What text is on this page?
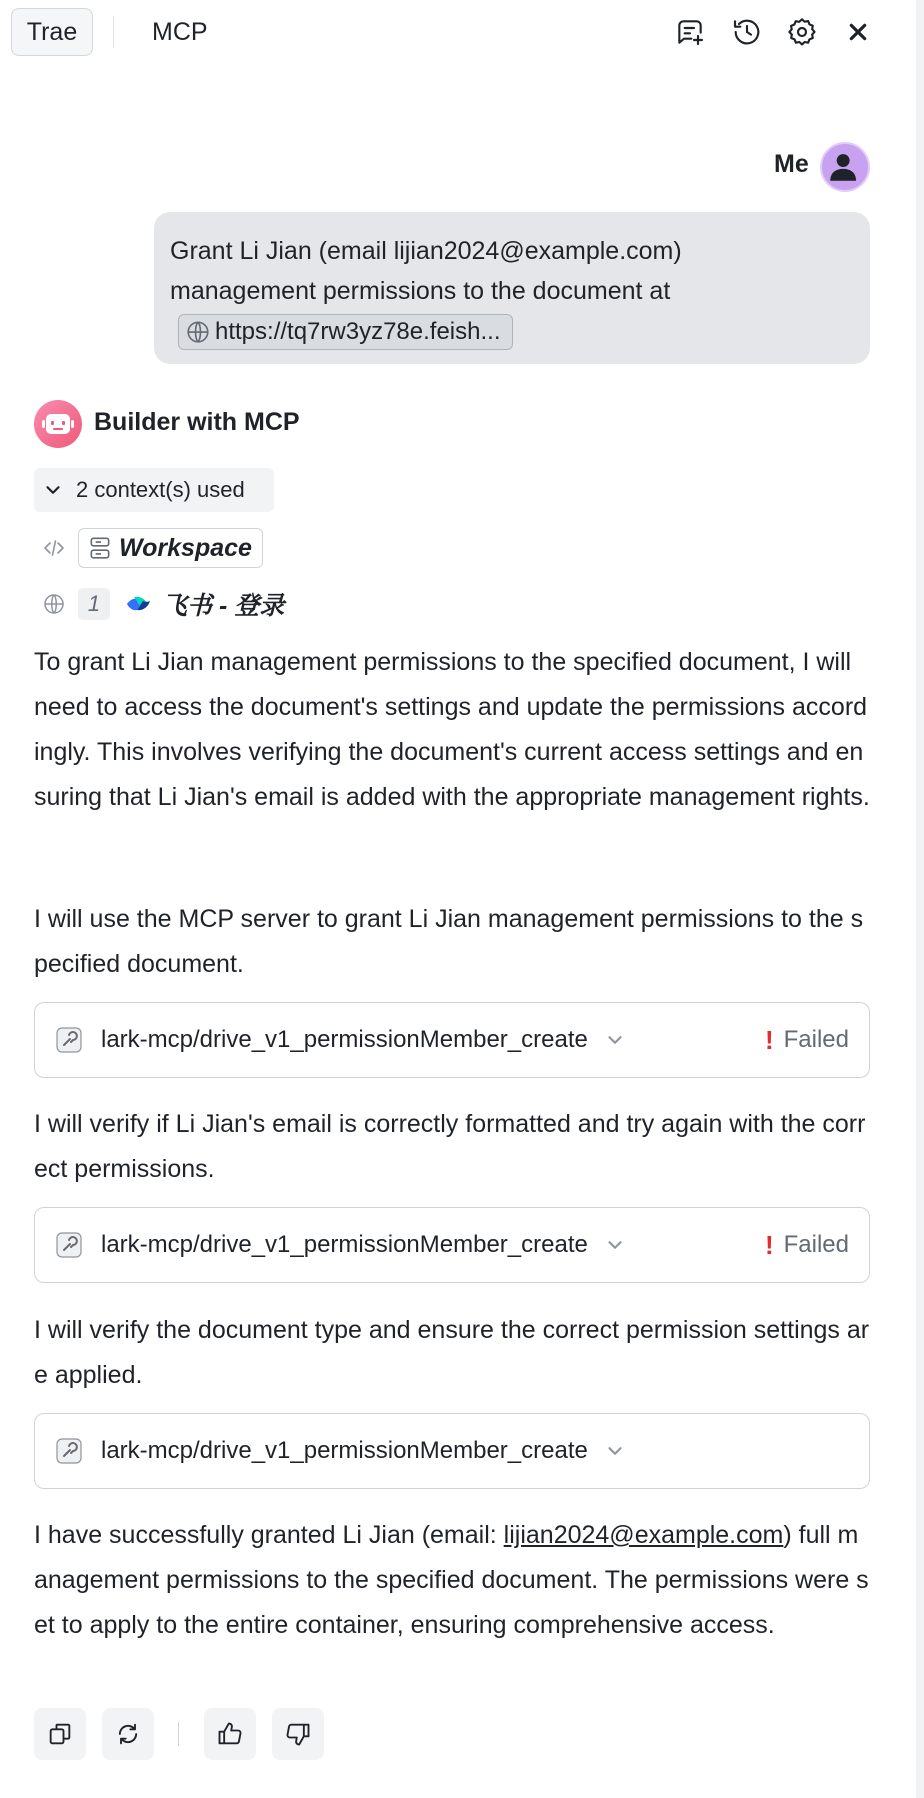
Trae	MCP
Me
Grant Li Jian (email lijian2024@example.com)
management permissions to the document at
https://tq7rw3yz78e.feish...
Builder with MCP
2 context(s) used
Workspace
1	飞书 - 登录
To grant Li Jian management permissions to the specified document, I will need to access the document's settings and update the permissions accordingly. This involves verifying the document's current access settings and ensuring that Li Jian's email is added with the appropriate management rights.
I will use the MCP server to grant Li Jian management permissions to the specified document.
lark-mcp/drive_v1_permissionMember_create	! Failed
I will verify if Li Jian's email is correctly formatted and try again with the correct permissions.
lark-mcp/drive_v1_permissionMember_create	! Failed
I will verify the document type and ensure the correct permission settings are applied.
lark-mcp/drive_v1_permissionMember_create
I have successfully granted Li Jian (email: lijian2024@example.com) full management permissions to the specified document. The permissions were set to apply to the entire container, ensuring comprehensive access.
